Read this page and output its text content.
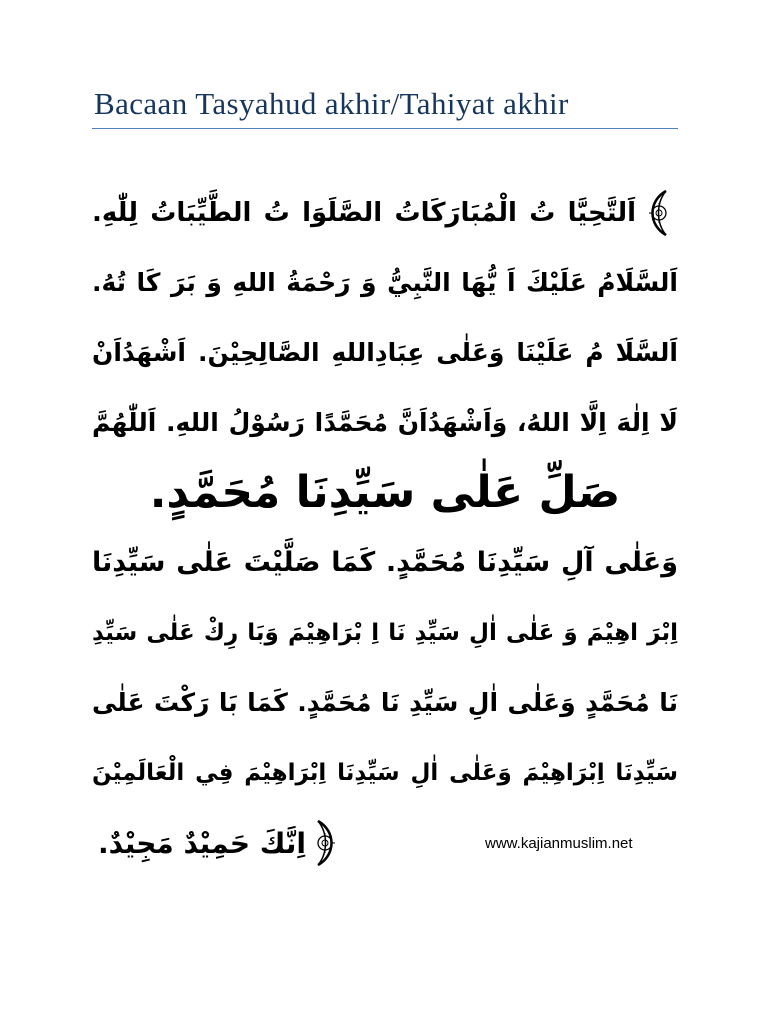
Bacaan Tasyahud akhir/Tahiyat akhir
اَلتَّحِيَّا تُ الْمُبَارَكَاتُ الصَّلَوَا تُ الطَّيِّبَاتُ لِلّٰهِ.
اَلسَّلَامُ عَلَيْكَ اَ يُّهَا النَّبِيُّ وَ رَحْمَةُ اللهِ وَ بَرَ كَا تُهُ.
اَلسَّلَا مُ عَلَيْنَا وَعَلٰى عِبَادِاللهِ الصَّالِحِيْنَ. اَشْهَدُاَنْ
لَا اِلٰهَ اِلَّا اللهُ، وَاَشْهَدُاَنَّ مُحَمَّدًا رَسُوْلُ اللهِ. اَللّٰهُمَّ
صَلِّ عَلٰى سَيِّدِنَا مُحَمَّدٍ.
وَعَلٰى آلِ سَيِّدِنَا مُحَمَّدٍ. كَمَا صَلَّيْتَ عَلٰى سَيِّدِنَا
اِبْرَ اهِيْمَ وَ عَلٰى اٰلِ سَيِّدِ نَا اِ بْرَاهِيْمَ وَبَا رِكْ عَلٰى سَيِّدِ
نَا مُحَمَّدٍ وَعَلٰى اٰلِ سَيِّدِ نَا مُحَمَّدٍ. كَمَا بَا رَكْتَ عَلٰى
سَيِّدِنَا اِبْرَاهِيْمَ وَعَلٰى اٰلِ سَيِّدِنَا اِبْرَاهِيْمَ فِي الْعَالَمِيْنَ
اِنَّكَ حَمِيْدٌ مَجِيْدٌ.	www.kajianmuslim.net
